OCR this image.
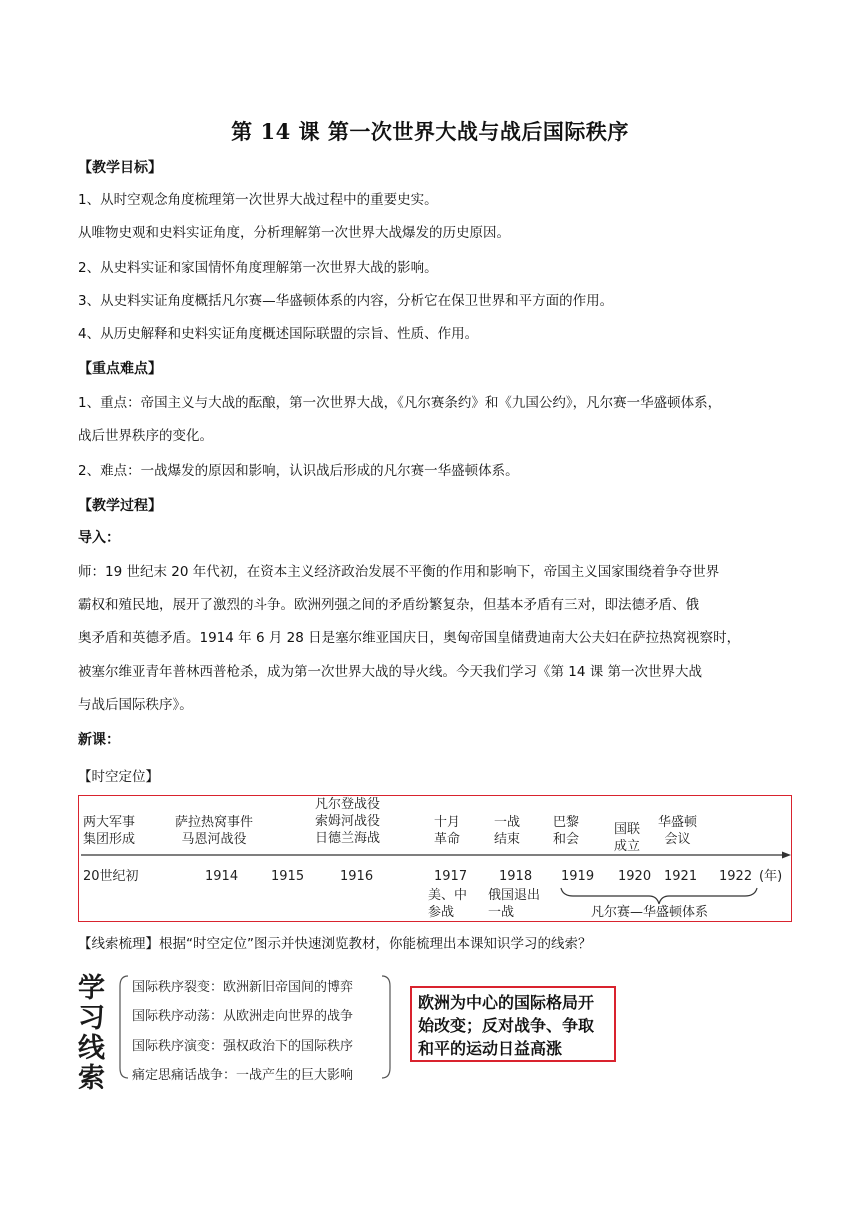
第 14 课 第一次世界大战与战后国际秩序
【教学目标】
1、从时空观念角度梳理第一次世界大战过程中的重要史实。
从唯物史观和史料实证角度，分析理解第一次世界大战爆发的历史原因。
2、从史料实证和家国情怀角度理解第一次世界大战的影响。
3、从史料实证角度概括凡尔赛—华盛顿体系的内容，分析它在保卫世界和平方面的作用。
4、从历史解释和史料实证角度概述国际联盟的宗旨、性质、作用。
【重点难点】
1、重点：帝国主义与大战的酝酿，第一次世界大战，《凡尔赛条约》和《九国公约》，凡尔赛一华盛顿体系，
战后世界秩序的变化。
2、难点：一战爆发的原因和影响，认识战后形成的凡尔赛一华盛顿体系。
【教学过程】
导入：
师：19 世纪末 20 年代初，在资本主义经济政治发展不平衡的作用和影响下，帝国主义国家围绕着争夺世界
霸权和殖民地，展开了激烈的斗争。欧洲列强之间的矛盾纷繁复杂，但基本矛盾有三对，即法德矛盾、俄
奥矛盾和英德矛盾。1914 年 6 月 28 日是塞尔维亚国庆日，奥匈帝国皇储费迪南大公夫妇在萨拉热窝视察时，
被塞尔维亚青年普林西普枪杀，成为第一次世界大战的导火线。今天我们学习《第 14 课 第一次世界大战
与战后国际秩序》。
新课：
【时空定位】
两大军事
集团形成
萨拉热窝事件
马恩河战役
凡尔登战役
索姆河战役
日德兰海战
十月
革命
一战
结束
巴黎
和会
国联
成立
华盛顿
会议
20世纪初	1914	1915	1916	1917 1918 1919 1920 1921 1922 (年)
美、中
参战
俄国退出
一战	凡尔赛—华盛顿体系
【线索梳理】根据“时空定位”图示并快速浏览教材，你能梳理出本课知识学习的线索？
学习线索
国际秩序裂变：欧洲新旧帝国间的博弈
国际秩序动荡：从欧洲走向世界的战争
国际秩序演变：强权政治下的国际秩序
痛定思痛话战争：一战产生的巨大影响
欧洲为中心的国际格局开始改变；反对战争、争取和平的运动日益高涨
